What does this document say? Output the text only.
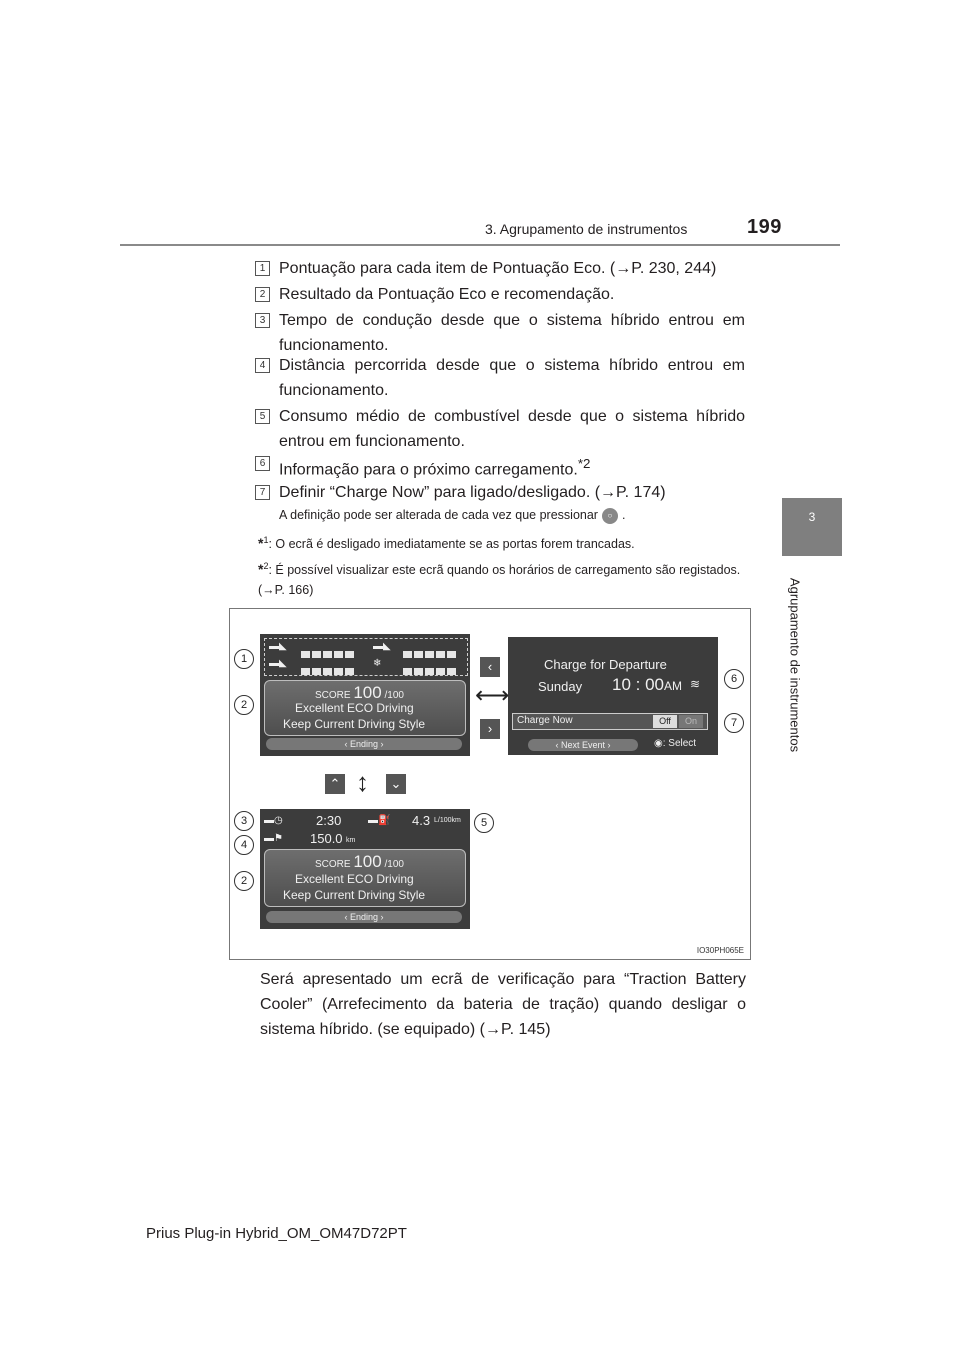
3. Agrupamento de instrumentos	199
3
Agrupamento de instrumentos
1 Pontuação para cada item de Pontuação Eco. (→P. 230, 244)
2 Resultado da Pontuação Eco e recomendação.
3 Tempo de condução desde que o sistema híbrido entrou em funcionamento.
4 Distância percorrida desde que o sistema híbrido entrou em funcionamento.
5 Consumo médio de combustível desde que o sistema híbrido entrou em funcionamento.
6 Informação para o próximo carregamento.$^{*2}$
7 Definir “Charge Now” para ligado/desligado. (→P. 174)
A definição pode ser alterada de cada vez que pressionar ○ .
*$^1$: O ecrã é desligado imediatamente se as portas forem trancadas.
*$^2$: É possível visualizar este ecrã quando os horários de carregamento são registados. (→P. 166)
▬◣	▬◣
▬◣	❄
SCORE 100 /100
Excellent ECO Driving
Keep Current Driving Style
‹ Ending ›
Charge for Departure
Sunday 10 : 00 AM ≋
Charge Now	Off	On
‹ Next Event ›	◉: Select
▬◷	2:30	▬⛽ 4.3 L/100km
▬⚑ 150.0 km
SCORE 100 /100
Excellent ECO Driving
Keep Current Driving Style
‹ Ending ›
‹
›
⟷
⌃ ↕	⌄
1
2
6
7
3	5
4
2
IO30PH065E
Será apresentado um ecrã de verificação para “Traction Battery Cooler” (Arrefecimento da bateria de tração) quando desligar o sistema híbrido. (se equipado) (→P. 145)
Prius Plug-in Hybrid_OM_OM47D72PT
